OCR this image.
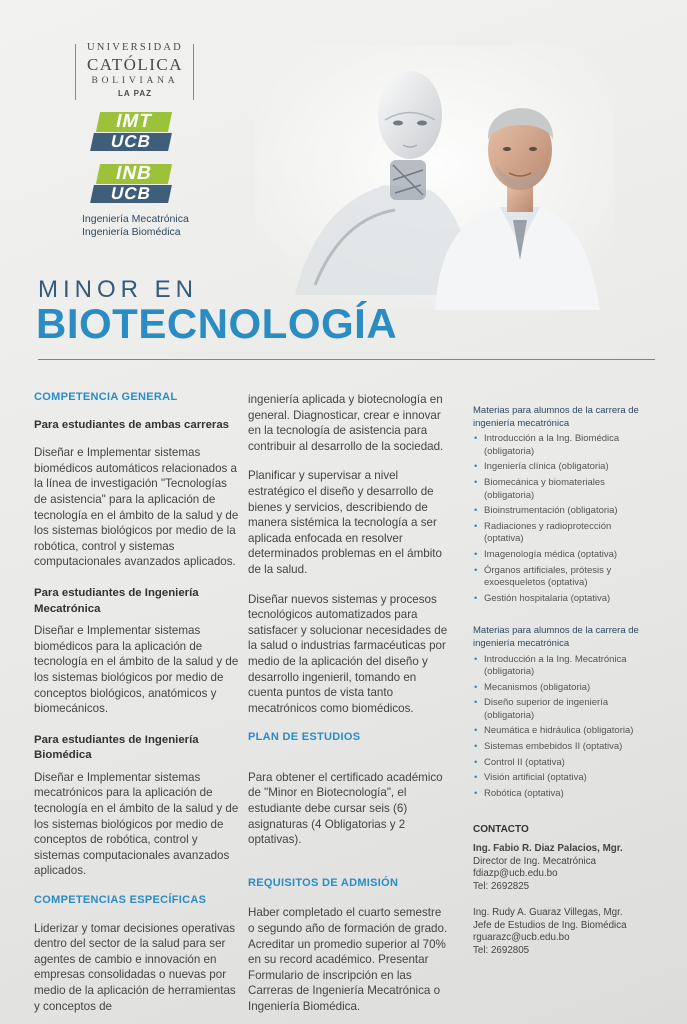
UNIVERSIDAD
CATÓLICA
BOLIVIANA
LA PAZ
IMT
UCB
INB
UCB
Ingeniería Mecatrónica
Ingeniería Biomédica
MINOR EN
BIOTECNOLOGÍA
COMPETENCIA GENERAL
Para estudiantes de ambas carreras
Diseñar e Implementar sistemas biomédicos automáticos relacionados a la línea de investigación "Tecnologías de asistencia" para la aplicación de tecnología en el ámbito de la salud y de los sistemas biológicos por medio de la robótica, control y sistemas computacionales avanzados aplicados.
Para estudiantes de Ingeniería Mecatrónica
Diseñar e Implementar sistemas biomédicos para la aplicación de tecnología en el ámbito de la salud y de los sistemas biológicos por medio de conceptos biológicos, anatómicos y biomecánicos.
Para estudiantes de Ingeniería Biomédica
Diseñar e Implementar sistemas mecatrónicos para la aplicación de tecnología en el ámbito de la salud y de los sistemas biológicos por medio de conceptos de robótica, control y sistemas computacionales avanzados aplicados.
COMPETENCIAS ESPECÍFICAS
Liderizar y tomar decisiones operativas dentro del sector de la salud para ser agentes de cambio e innovación en empresas consolidadas o nuevas por medio de la aplicación de herramientas y conceptos de
ingeniería aplicada y biotecnología en general. Diagnosticar, crear e innovar en la tecnología de asistencia para contribuir al desarrollo de la sociedad.
Planificar y supervisar a nivel estratégico el diseño y desarrollo de bienes y servicios, describiendo de manera sistémica la tecnología a ser aplicada enfocada en resolver determinados problemas en el ámbito de la salud.
Diseñar nuevos sistemas y procesos tecnológicos automatizados para satisfacer y solucionar necesidades de la salud o industrias farmacéuticas por medio de la aplicación del diseño y desarrollo ingenieril, tomando en cuenta puntos de vista tanto mecatrónicos como biomédicos.
PLAN DE ESTUDIOS
Para obtener el certificado académico de "Minor en Biotecnología", el estudiante debe cursar seis (6) asignaturas (4 Obligatorias y 2 optativas).
REQUISITOS DE ADMISIÓN
Haber completado el cuarto semestre o segundo año de formación de grado. Acreditar un promedio superior al 70% en su record académico. Presentar Formulario de inscripción en las Carreras de Ingeniería Mecatrónica o Ingeniería Biomédica.
Materias para alumnos de la carrera de ingeniería mecatrónica
• Introducción a la Ing. Biomédica (obligatoria)
• Ingeniería clínica (obligatoria)
• Biomecánica y biomateriales (obligatoria)
• Bioinstrumentación (obligatoria)
• Radiaciones y radioprotección (optativa)
• Imagenología médica (optativa)
• Órganos artificiales, prótesis y exoesqueletos (optativa)
• Gestión hospitalaria (optativa)
Materias para alumnos de la carrera de ingeniería mecatrónica
• Introducción a la Ing. Mecatrónica (obligatoria)
• Mecanismos (obligatoria)
• Diseño superior de ingeniería (obligatoria)
• Neumática e hidráulica (obligatoria)
• Sistemas embebidos II (optativa)
• Control II (optativa)
• Visión artificial (optativa)
• Robótica (optativa)
CONTACTO
Ing. Fabio R. Diaz Palacios, Mgr.
Director de Ing. Mecatrónica
fdiazp@ucb.edu.bo
Tel: 2692825
Ing. Rudy A. Guaraz Villegas, Mgr.
Jefe de Estudios de Ing. Biomédica
rguarazc@ucb.edu.bo
Tel: 2692805
